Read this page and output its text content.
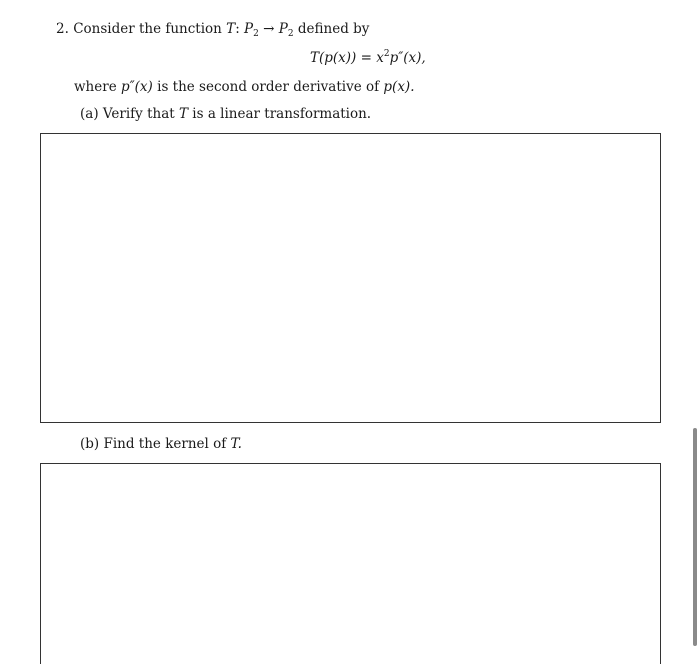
2. Consider the function T: $P_2 \to P_2$ defined by
$T(p(x)) = x^2p''(x)$,
where p″(x) is the second order derivative of p(x).
(a) Verify that T is a linear transformation.
(b) Find the kernel of T.
